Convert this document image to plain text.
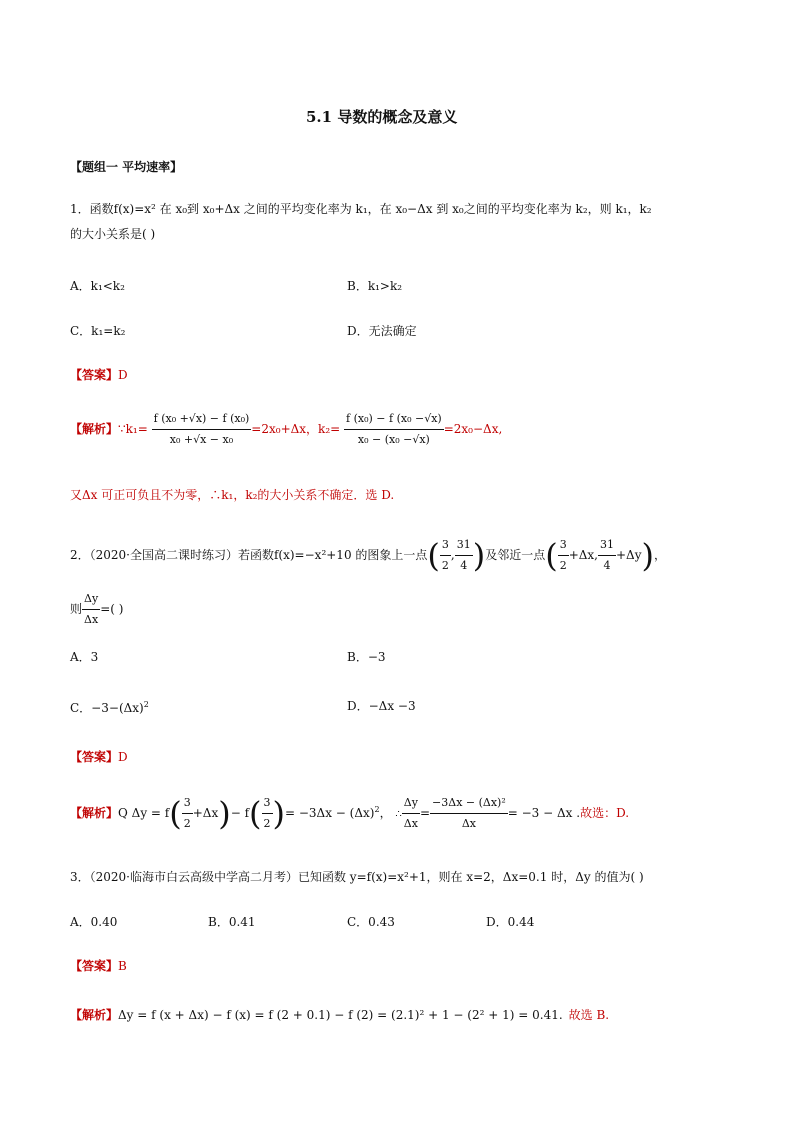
5.1 导数的概念及意义
【题组一 平均速率】
1．函数f(x)=x² 在 x₀到 x₀+Δx 之间的平均变化率为 k₁，在 x₀−Δx 到 x₀之间的平均变化率为 k₂，则 k₁，k₂
的大小关系是( )
A．k₁<k₂	B．k₁>k₂
C．k₁=k₂	D．无法确定
【答案】D
【解析】∵k₁= $\frac{\text{f (x₀ +√x) − f (x₀)}}{\text{x₀ +√x − x₀}} =2x_0+\Delta x$，$k_2= \frac{\text{f (x₀) − f (x₀ −√x)}}{\text{x₀ − (x₀ −√x)}} =2x_0-\Delta x$,
又Δx 可正可负且不为零，∴k₁，k₂的大小关系不确定．选 D.
2．（2020·全国高二课时练习）若函数f(x)=−x²+10 的图象上一点( $\frac{3}{2}$ , $\frac{31}{4}$ )及邻近一点( $\frac{3}{2} +\Delta x$, $\frac{31}{4} +\Delta y$)，
则 $\frac{\Delta y}{\Delta x}$ =( )
A．3	B．−3
C．$-3-(\Delta x)^2$	D．−Δx −3
【答案】D
【解析】Q $\Delta y = f( \frac{3}{2} +\Delta x)- f( \frac{3}{2}$ )= $-3\Delta x - (\Delta x)^2$， ∴ $\frac{\Delta y}{\Delta x} = \frac{\text{−3Δx − (Δx)²}}{\Delta x} = -3 - \Delta x$ .故选：D.
3．（2020·临海市白云高级中学高二月考）已知函数 y=f(x)=x²+1，则在 x=2，Δx=0.1 时，Δy 的值为( )
A．0.40	B．0.41	C．0.43	D．0.44
【答案】B
【解析】Δy = f (x + Δx) − f (x) = f (2 + 0.1) − f (2) = (2.1)² + 1 − (2² + 1) = 0.41. 故选 B.
